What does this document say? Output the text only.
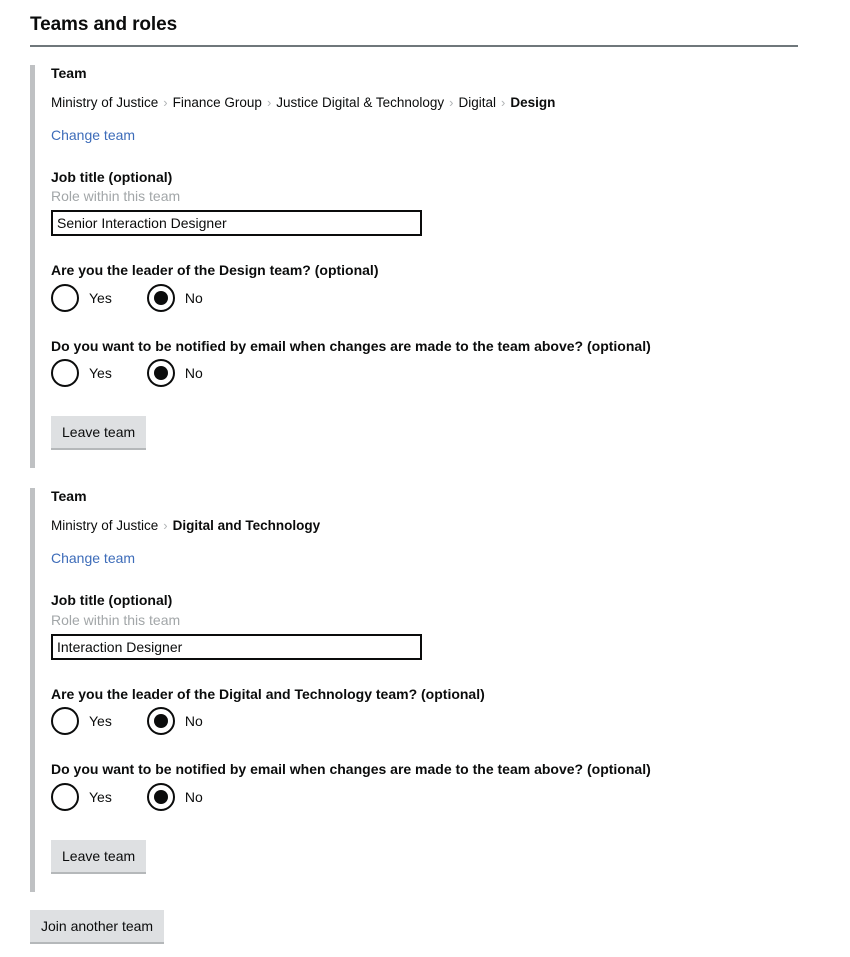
Teams and roles
Team
Ministry of Justice › Finance Group › Justice Digital & Technology › Digital › Design
Change team
Job title (optional)
Role within this team
Senior Interaction Designer
Are you the leader of the Design team? (optional)
Yes	No
Do you want to be notified by email when changes are made to the team above? (optional)
Yes	No
Leave team
Team
Ministry of Justice › Digital and Technology
Change team
Job title (optional)
Role within this team
Interaction Designer
Are you the leader of the Digital and Technology team? (optional)
Yes	No
Do you want to be notified by email when changes are made to the team above? (optional)
Yes	No
Leave team
Join another team
